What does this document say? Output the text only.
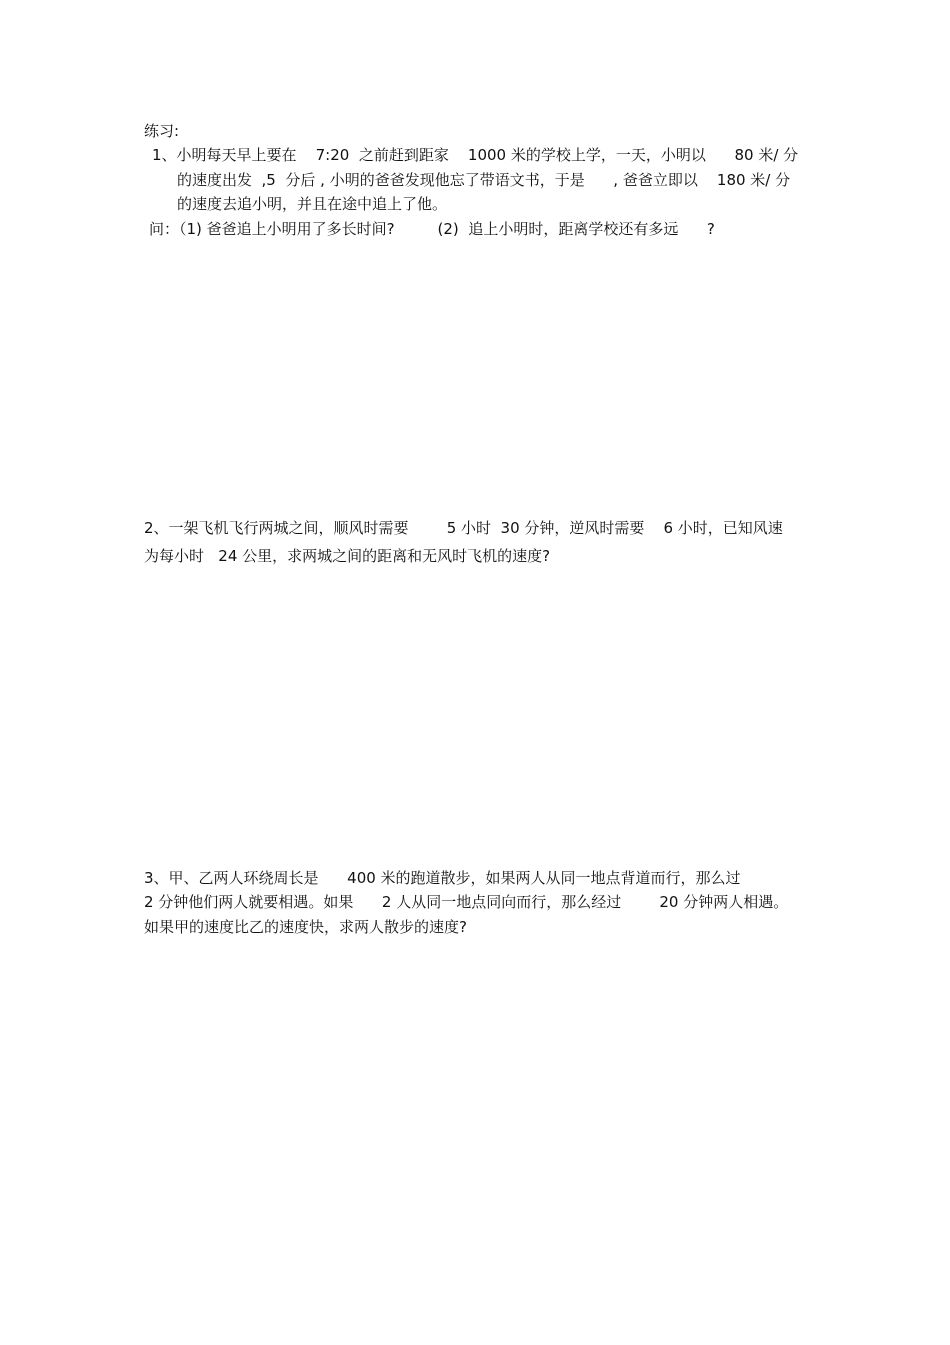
练习:
1、小明每天早上要在    7:20  之前赶到距家    1000 米的学校上学，一天，小明以      80 米/ 分
的速度出发  ,5  分后 , 小明的爸爸发现他忘了带语文书，于是      , 爸爸立即以    180 米/ 分
的速度去追小明，并且在途中追上了他。
问：（1) 爸爸追上小明用了多长时间?         (2)  追上小明时，距离学校还有多远      ?
2、一架飞机飞行两城之间，顺风时需要        5 小时  30 分钟，逆风时需要    6 小时，已知风速
为每小时   24 公里，求两城之间的距离和无风时飞机的速度?
3、甲、乙两人环绕周长是      400 米的跑道散步，如果两人从同一地点背道而行，那么过
2 分钟他们两人就要相遇。如果      2 人从同一地点同向而行，那么经过        20 分钟两人相遇。
如果甲的速度比乙的速度快，求两人散步的速度?
